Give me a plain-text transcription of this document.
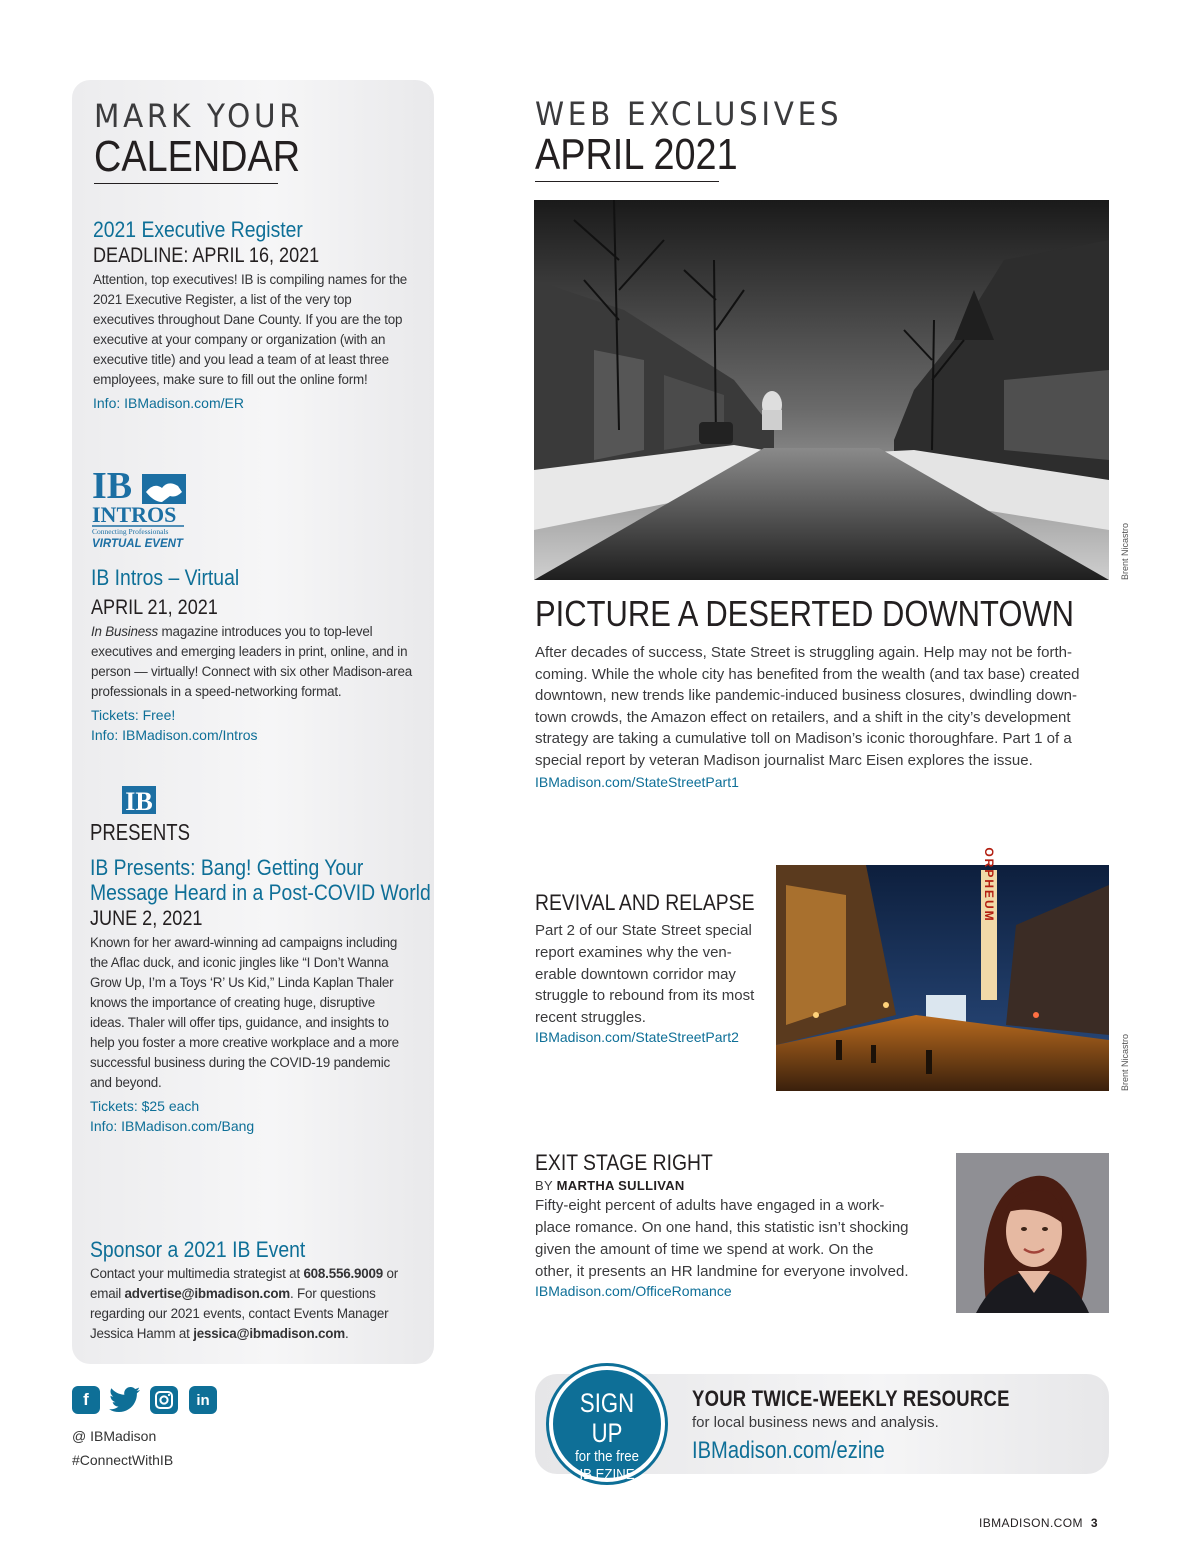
MARK YOUR
CALENDAR
2021 Executive Register
DEADLINE: APRIL 16, 2021
Attention, top executives! IB is compiling names for the 2021 Executive Register, a list of the very top executives throughout Dane County. If you are the top executive at your company or organization (with an executive title) and you lead a team of at least three employees, make sure to fill out the online form!
Info: IBMadison.com/ER
IB
INTROS
Connecting Professionals
VIRTUAL EVENT
IB Intros – Virtual
APRIL 21, 2021
In Business magazine introduces you to top-level executives and emerging leaders in print, online, and in person — virtually! Connect with six other Madison-area professionals in a speed-networking format.
Tickets: Free!
Info: IBMadison.com/Intros
IB
PRESENTS
IB Presents: Bang! Getting Your
Message Heard in a Post-COVID World
JUNE 2, 2021
Known for her award-winning ad campaigns including the Aflac duck, and iconic jingles like “I Don’t Wanna Grow Up, I’m a Toys ‘R’ Us Kid,” Linda Kaplan Thaler knows the importance of creating huge, disruptive ideas. Thaler will offer tips, guidance, and insights to help you foster a more creative workplace and a more successful business during the COVID-19 pandemic and beyond.
Tickets: $25 each
Info: IBMadison.com/Bang
Sponsor a 2021 IB Event
Contact your multimedia strategist at 608.556.9009 or email advertise@ibmadison.com. For questions regarding our 2021 events, contact Events Manager Jessica Hamm at jessica@ibmadison.com.
f	in
@ IBMadison
#ConnectWithIB
WEB EXCLUSIVES
APRIL 2021
Brent Nicastro
PICTURE A DESERTED DOWNTOWN
After decades of success, State Street is struggling again. Help may not be forth-coming. While the whole city has benefited from the wealth (and tax base) created downtown, new trends like pandemic-induced business closures, dwindling down-town crowds, the Amazon effect on retailers, and a shift in the city’s development strategy are taking a cumulative toll on Madison’s iconic thoroughfare. Part 1 of a special report by veteran Madison journalist Marc Eisen explores the issue.
IBMadison.com/StateStreetPart1
REVIVAL AND RELAPSE
Part 2 of our State Street special report examines why the ven-erable downtown corridor may struggle to rebound from its most recent struggles.
IBMadison.com/StateStreetPart2
ORPHEUM
Brent Nicastro
EXIT STAGE RIGHT
BY MARTHA SULLIVAN
Fifty-eight percent of adults have engaged in a work-place romance. On one hand, this statistic isn’t shocking given the amount of time we spend at work. On the other, it presents an HR landmine for everyone involved.
IBMadison.com/OfficeRomance
SIGN UP
for the free
IB EZINE
YOUR TWICE-WEEKLY RESOURCE
for local business news and analysis.
IBMadison.com/ezine
IBMADISON.COM 3
